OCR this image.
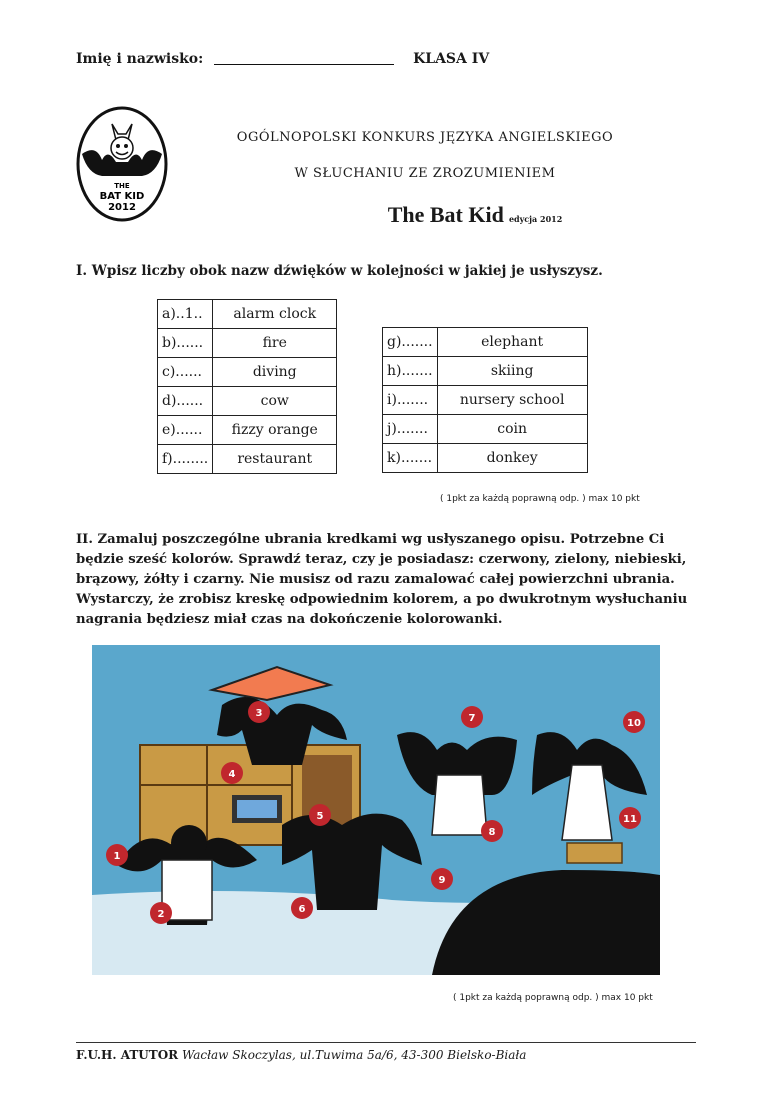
Imię i nazwisko:	KLASA IV
THE
BAT KID
2012
OGÓLNOPOLSKI KONKURS JĘZYKA ANGIELSKIEGO
W SŁUCHANIU ZE ZROZUMIENIEM
The Bat Kid edycja 2012
I. Wpisz liczby obok nazw dźwięków w kolejności w jakiej je usłyszysz.
a)..1..	alarm clock
b)......	fire
c)......	diving
d)......	cow
e)......	fizzy orange
f)........	restaurant
g).......	elephant
h).......	skiing
i).......	nursery school
j).......	coin
k).......	donkey
( 1pkt za każdą poprawną odp. ) max 10 pkt
II. Zamaluj poszczególne ubrania kredkami wg usłyszanego opisu. Potrzebne Ci będzie sześć kolorów. Sprawdź teraz, czy je posiadasz: czerwony, zielony, niebieski, brązowy, żółty i czarny. Nie musisz od razu zamalować całej powierzchni ubrania. Wystarczy, że zrobisz kreskę odpowiednim kolorem, a po dwukrotnym wysłuchaniu nagrania będziesz miał czas na dokończenie kolorowanki.
1
2
3
4
5
6
7
8
9
10
11
( 1pkt za każdą poprawną odp. ) max 10 pkt
F.U.H. ATUTOR Wacław Skoczylas, ul.Tuwima 5a/6, 43-300 Bielsko-Biała
